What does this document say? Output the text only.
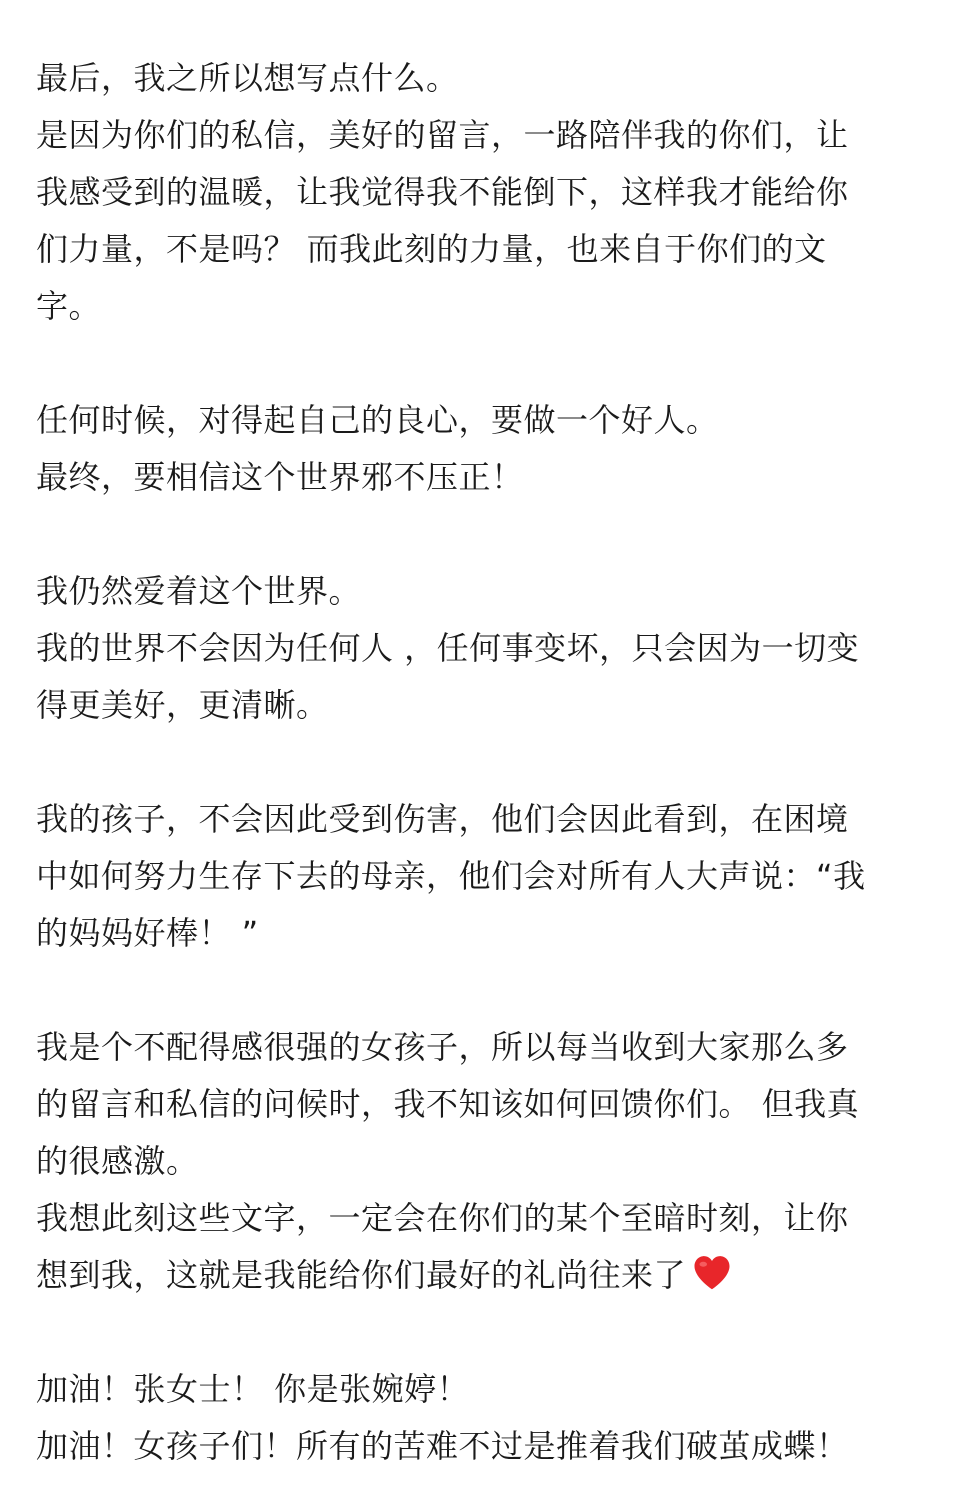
最后，我之所以想写点什么。
是因为你们的私信，美好的留言，一路陪伴我的你们，让
我感受到的温暖，让我觉得我不能倒下，这样我才能给你
们力量，不是吗？ 而我此刻的力量，也来自于你们的文
字。
任何时候，对得起自己的良心，要做一个好人。
最终，要相信这个世界邪不压正！
我仍然爱着这个世界。
我的世界不会因为任何人 ，任何事变坏，只会因为一切变
得更美好，更清晰。
我的孩子，不会因此受到伤害，他们会因此看到，在困境
中如何努力生存下去的母亲，他们会对所有人大声说：“我
的妈妈好棒！ ”
我是个不配得感很强的女孩子，所以每当收到大家那么多
的留言和私信的问候时，我不知该如何回馈你们。 但我真
的很感激。
我想此刻这些文字，一定会在你们的某个至暗时刻，让你
想到我，这就是我能给你们最好的礼尚往来了
加油！张女士！ 你是张婉婷！
加油！女孩子们！所有的苦难不过是推着我们破茧成蝶！
